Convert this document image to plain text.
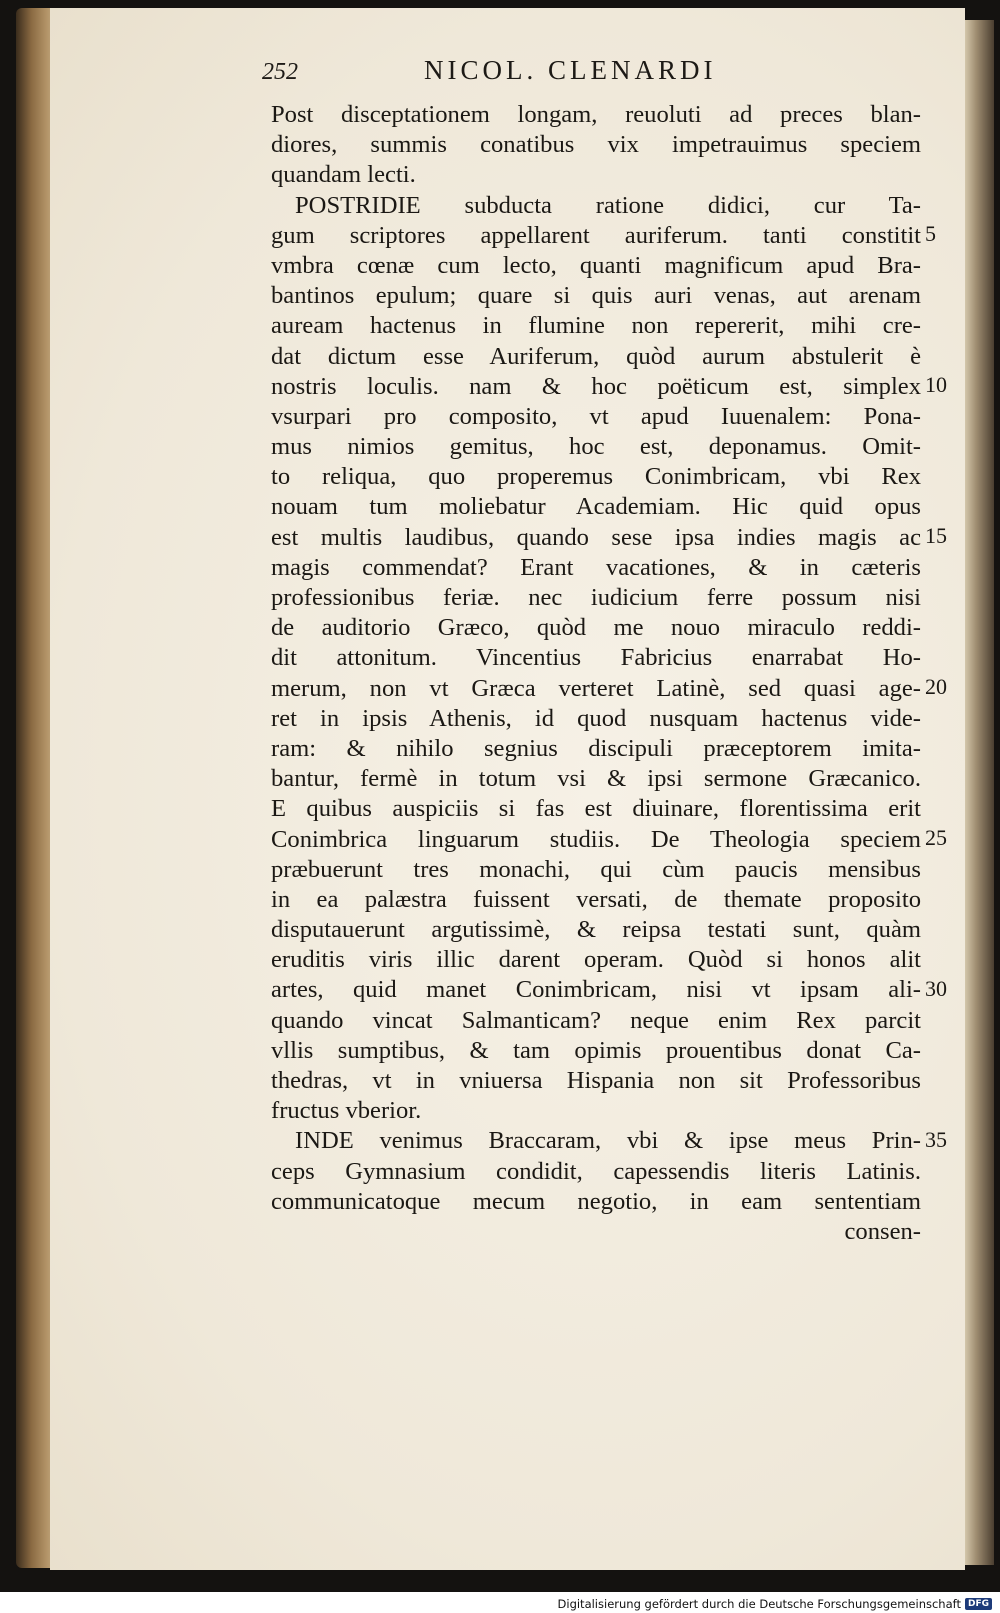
252	NICOL. CLENARDI
Post disceptationem longam, reuoluti ad preces blan-
diores, summis conatibus vix impetrauimus speciem
quandam lecti.
POSTRIDIE subducta ratione didici, cur Ta-
gum scriptores appellarent auriferum. tanti constitit
vmbra cœnæ cum lecto, quanti magnificum apud Bra-
bantinos epulum; quare si quis auri venas, aut arenam
auream hactenus in flumine non repererit, mihi cre-
dat dictum esse Auriferum, quòd aurum abstulerit è
nostris loculis. nam & hoc poëticum est, simplex
vsurpari pro composito, vt apud Iuuenalem: Pona-
mus nimios gemitus, hoc est, deponamus. Omit-
to reliqua, quo properemus Conimbricam, vbi Rex
nouam tum moliebatur Academiam. Hic quid opus
est multis laudibus, quando sese ipsa indies magis ac
magis commendat? Erant vacationes, & in cæteris
professionibus feriæ. nec iudicium ferre possum nisi
de auditorio Græco, quòd me nouo miraculo reddi-
dit attonitum. Vincentius Fabricius enarrabat Ho-
merum, non vt Græca verteret Latinè, sed quasi age-
ret in ipsis Athenis, id quod nusquam hactenus vide-
ram: & nihilo segnius discipuli præceptorem imita-
bantur, fermè in totum vsi & ipsi sermone Græcanico.
E quibus auspiciis si fas est diuinare, florentissima erit
Conimbrica linguarum studiis. De Theologia speciem
præbuerunt tres monachi, qui cùm paucis mensibus
in ea palæstra fuissent versati, de themate proposito
disputauerunt argutissimè, & reipsa testati sunt, quàm
eruditis viris illic darent operam. Quòd si honos alit
artes, quid manet Conimbricam, nisi vt ipsam ali-
quando vincat Salmanticam? neque enim Rex parcit
vllis sumptibus, & tam opimis prouentibus donat Ca-
thedras, vt in vniuersa Hispania non sit Professoribus
fructus vberior.
INDE venimus Braccaram, vbi & ipse meus Prin-
ceps Gymnasium condidit, capessendis literis Latinis.
communicatoque mecum negotio, in eam sententiam
consen-
5
10
15
20
25
30
35
Digitalisierung gefördert durch die Deutsche Forschungsgemeinschaft DFG
